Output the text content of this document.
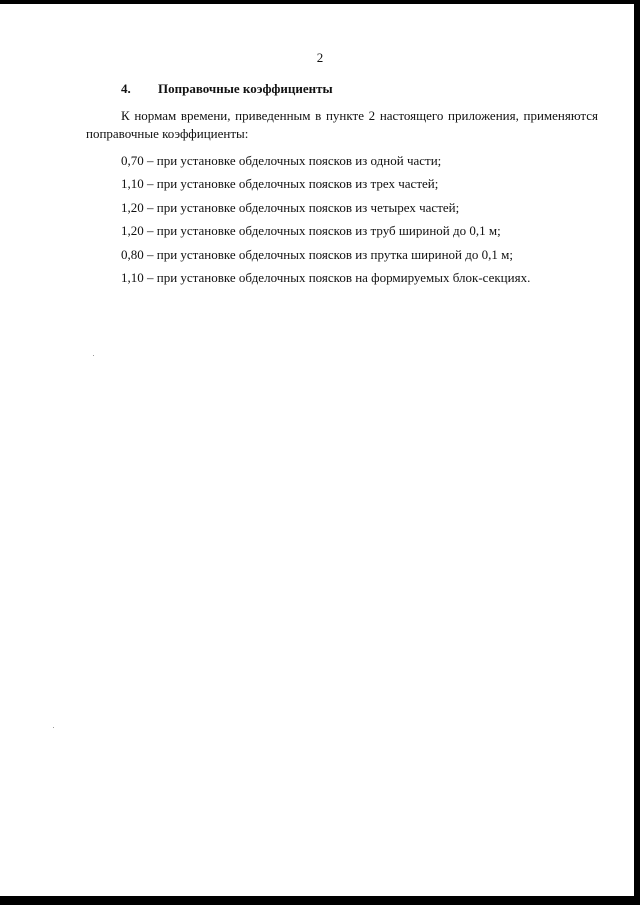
2
4. Поправочные коэффициенты
К нормам времени, приведенным в пункте 2 настоящего приложения, применяются
поправочные коэффициенты:
0,70 – при установке обделочных поясков из одной части;
1,10 – при установке обделочных поясков из трех частей;
1,20 – при установке обделочных поясков из четырех частей;
1,20 – при установке обделочных поясков из труб шириной до 0,1 м;
0,80 – при установке обделочных поясков из прутка шириной до 0,1 м;
1,10 – при установке обделочных поясков на формируемых блок-секциях.
